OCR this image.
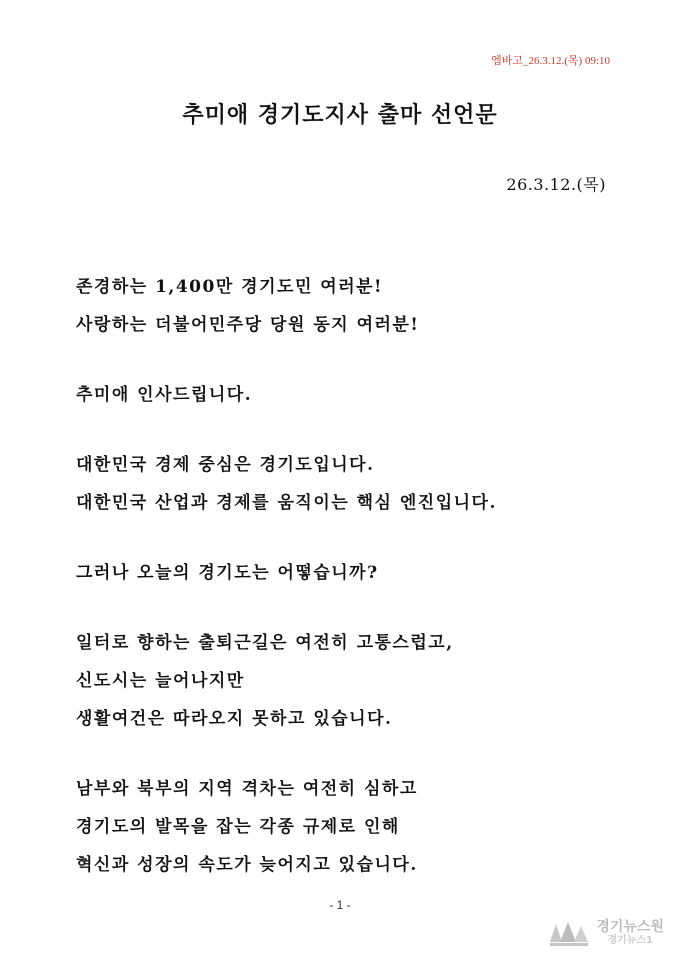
엠바고_26.3.12.(목) 09:10
추미애 경기도지사 출마 선언문
26.3.12.(목)
존경하는 1,400만 경기도민 여러분!
사랑하는 더불어민주당 당원 동지 여러분!
추미애 인사드립니다.
대한민국 경제 중심은 경기도입니다.
대한민국 산업과 경제를 움직이는 핵심 엔진입니다.
그러나 오늘의 경기도는 어떻습니까?
일터로 향하는 출퇴근길은 여전히 고통스럽고,
신도시는 늘어나지만
생활여건은 따라오지 못하고 있습니다.
남부와 북부의 지역 격차는 여전히 심하고
경기도의 발목을 잡는 각종 규제로 인해
혁신과 성장의 속도가 늦어지고 있습니다.
- 1 -
경기뉴스원
경기뉴스1
